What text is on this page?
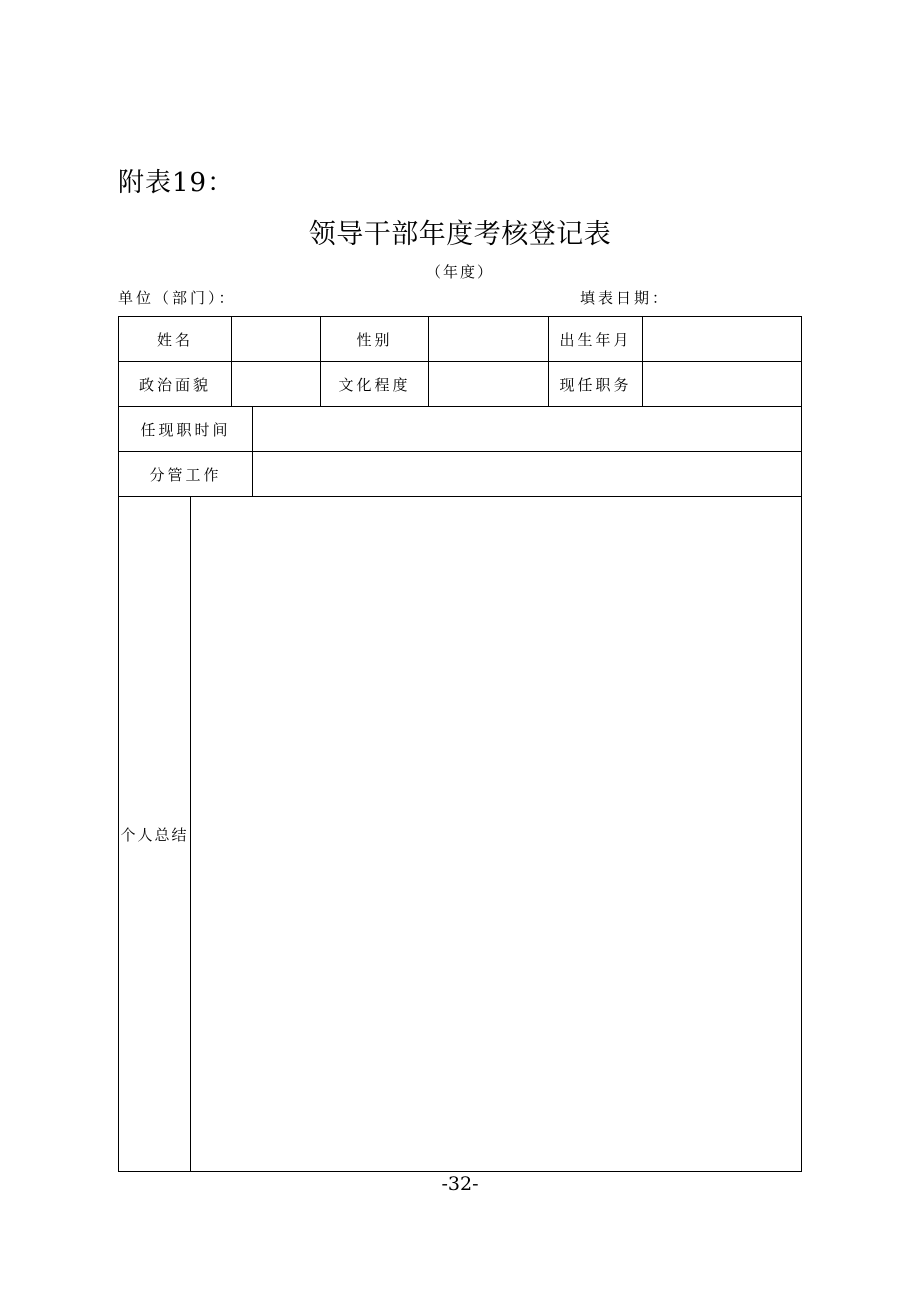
附表19：
领导干部年度考核登记表
（年度）
单位（部门）：	填表日期：
姓名				性别		出生年月	
政治面貌				文化程度		现任职务	
任现职时间							
分管工作							
个人总结							
-32-
